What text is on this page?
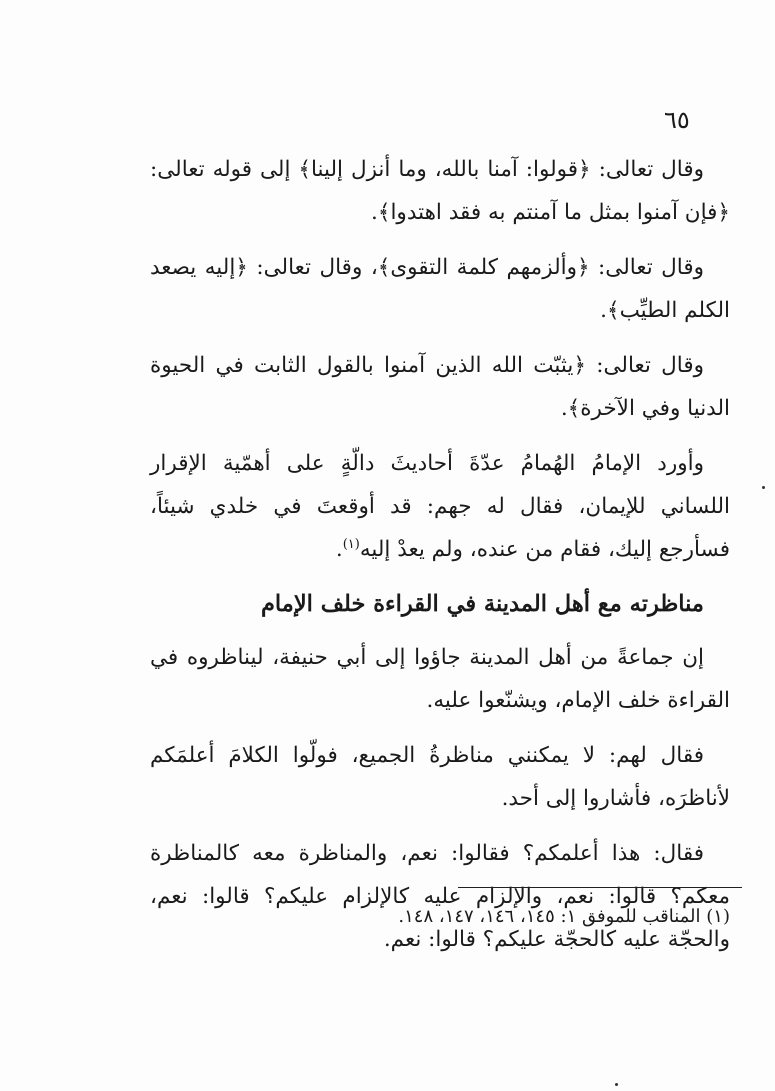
٦٥

وقال تعالى: ﴿قولوا: آمنا بالله، وما أنزل إلينا﴾ إلى قوله تعالى: ﴿فإن آمنوا بمثل ما آمنتم به فقد اهتدوا﴾.

وقال تعالى: ﴿وألزمهم كلمة التقوى﴾، وقال تعالى: ﴿إليه يصعد الكلم الطيِّب﴾.

وقال تعالى: ﴿يثبّت الله الذين آمنوا بالقول الثابت في الحيوة الدنيا وفي الآخرة﴾.

وأورد الإمامُ الهُمامُ عدّةَ أحاديثَ دالّةٍ على أهمّية الإقرار اللساني للإيمان، فقال له جهم: قد أوقعتَ في خلدي شيئاً، فسأرجع إليك، فقام من عنده، ولم يعدْ إليه$^{(١)}$.

مناظرته مع أهل المدينة في القراءة خلف الإمام

إن جماعةً من أهل المدينة جاؤوا إلى أبي حنيفة، ليناظروه في القراءة خلف الإمام، ويشنّعوا عليه.

فقال لهم: لا يمكنني مناظرةُ الجميع، فولّوا الكلامَ أعلمَكم لأناظرَه، فأشاروا إلى أحد.

فقال: هذا أعلمكم؟ فقالوا: نعم، والمناظرة معه كالمناظرة معكم؟ قالوا: نعم، والإلزام عليه كالإلزام عليكم؟ قالوا: نعم، والحجّة عليه كالحجّة عليكم؟ قالوا: نعم.

(١) المناقب للموفق ١: ١٤٥، ١٤٦، ١٤٧، ١٤٨.
